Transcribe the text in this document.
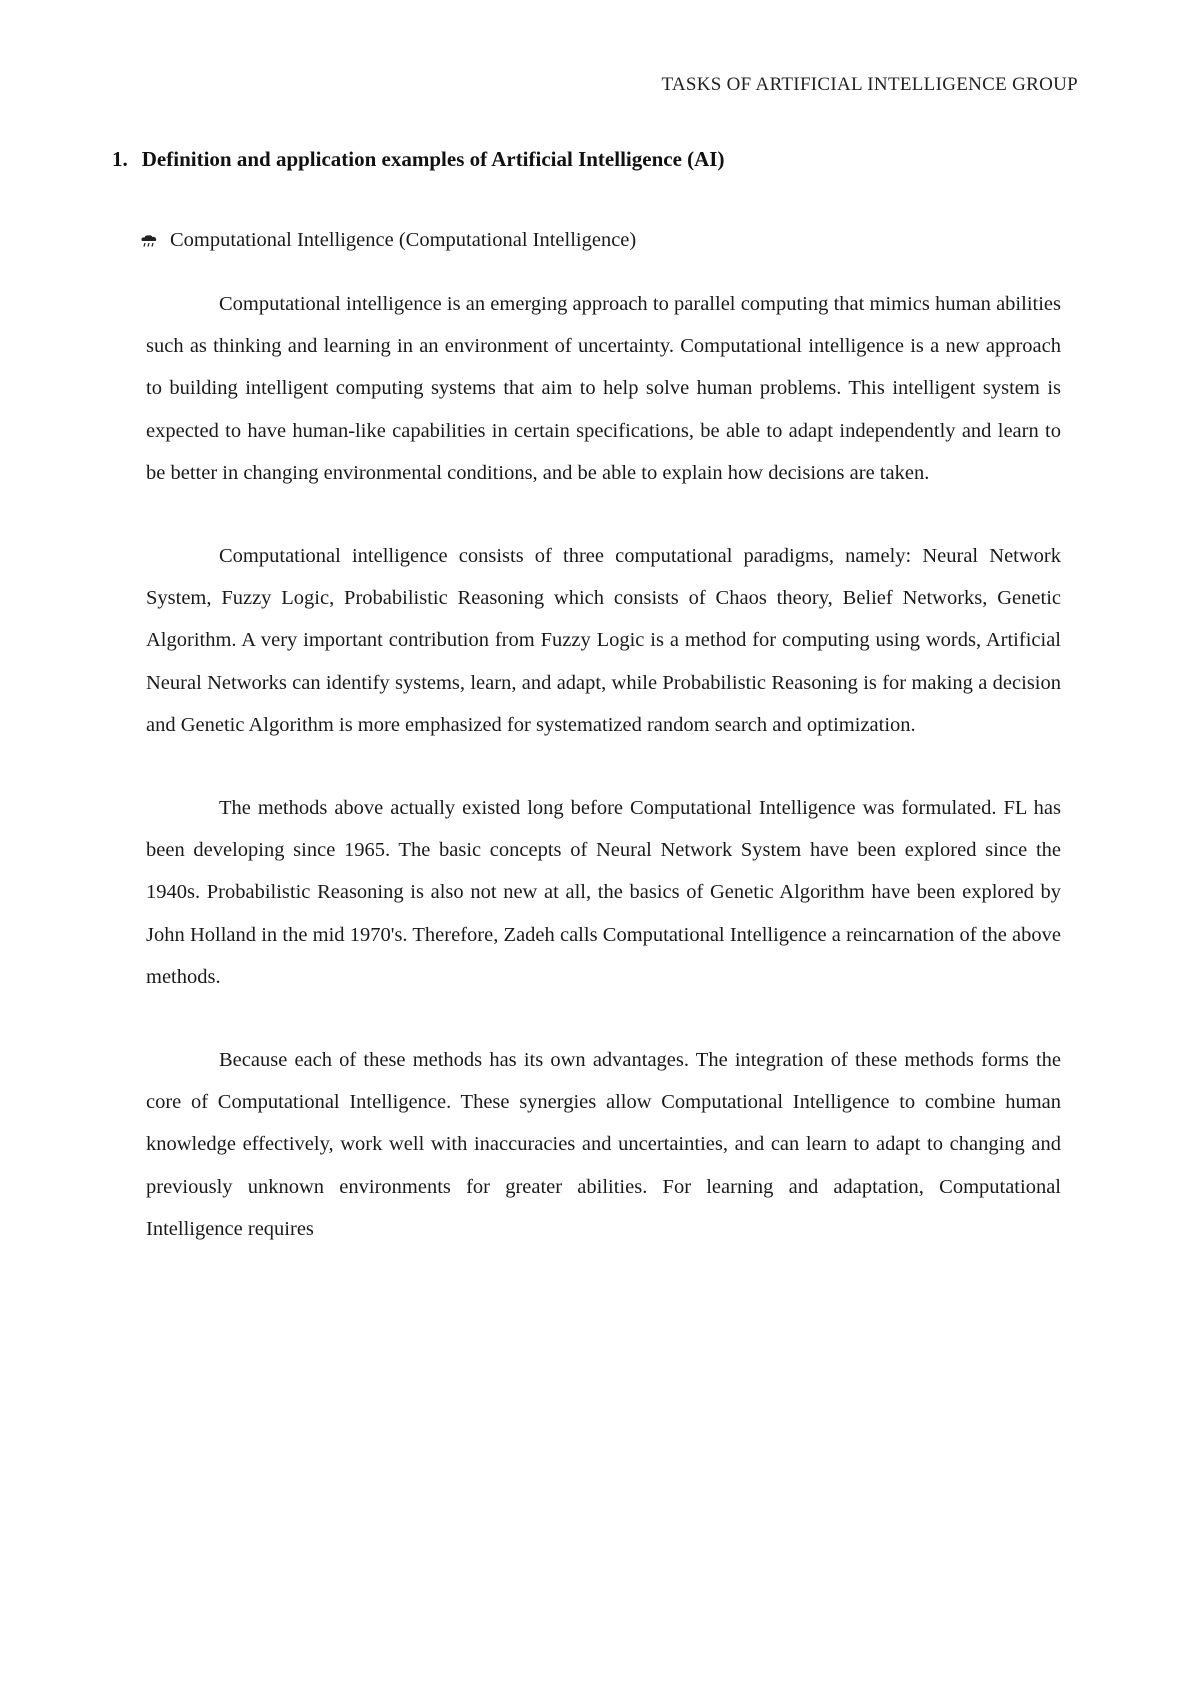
TASKS OF ARTIFICIAL INTELLIGENCE GROUP
1. Definition and application examples of Artificial Intelligence (AI)
Computational Intelligence (Computational Intelligence)

Computational intelligence is an emerging approach to parallel computing that mimics human abilities such as thinking and learning in an environment of uncertainty. Computational intelligence is a new approach to building intelligent computing systems that aim to help solve human problems. This intelligent system is expected to have human-like capabilities in certain specifications, be able to adapt independently and learn to be better in changing environmental conditions, and be able to explain how decisions are taken.

Computational intelligence consists of three computational paradigms, namely: Neural Network System, Fuzzy Logic, Probabilistic Reasoning which consists of Chaos theory, Belief Networks, Genetic Algorithm. A very important contribution from Fuzzy Logic is a method for computing using words, Artificial Neural Networks can identify systems, learn, and adapt, while Probabilistic Reasoning is for making a decision and Genetic Algorithm is more emphasized for systematized random search and optimization.

The methods above actually existed long before Computational Intelligence was formulated. FL has been developing since 1965. The basic concepts of Neural Network System have been explored since the 1940s. Probabilistic Reasoning is also not new at all, the basics of Genetic Algorithm have been explored by John Holland in the mid 1970's. Therefore, Zadeh calls Computational Intelligence a reincarnation of the above methods.

Because each of these methods has its own advantages. The integration of these methods forms the core of Computational Intelligence. These synergies allow Computational Intelligence to combine human knowledge effectively, work well with inaccuracies and uncertainties, and can learn to adapt to changing and previously unknown environments for greater abilities. For learning and adaptation, Computational Intelligence requires
